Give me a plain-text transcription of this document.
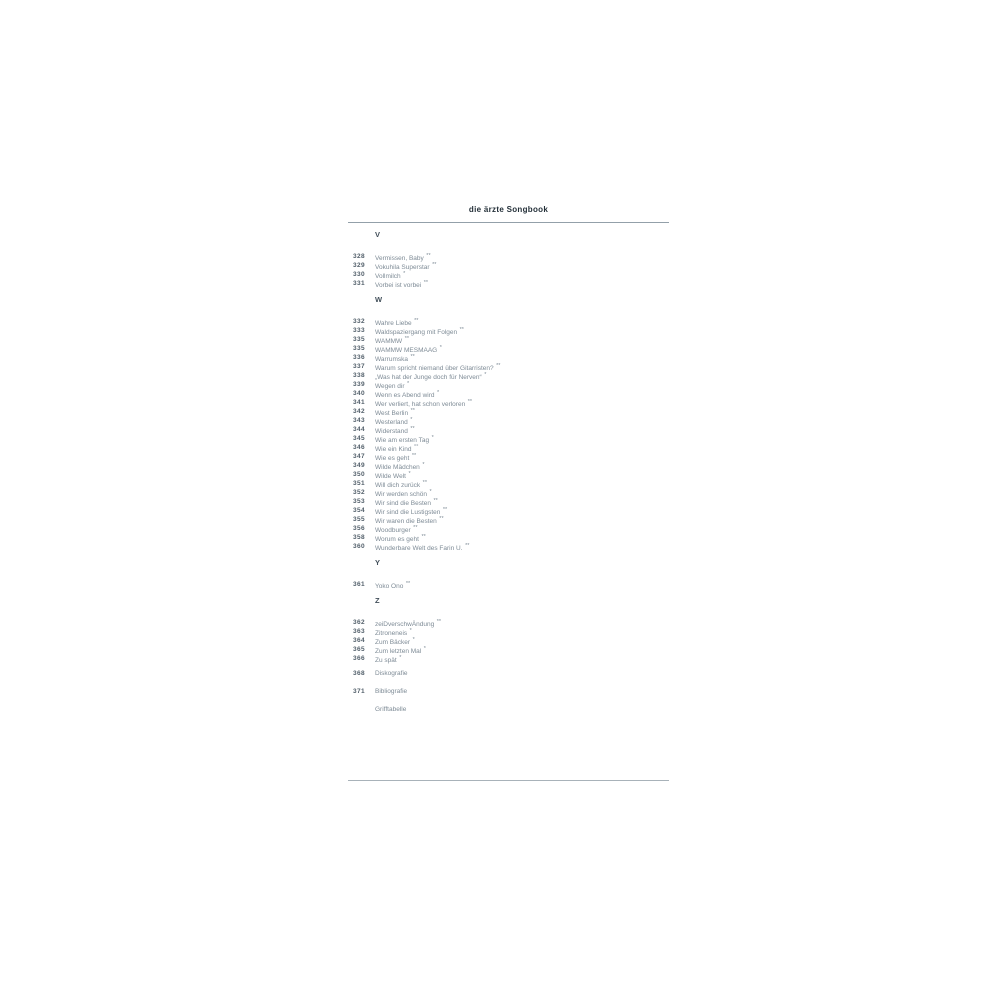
die ärzte Songbook
V
328 Vermissen, Baby **
329 Vokuhila Superstar **
330 Vollmilch *
331 Vorbei ist vorbei **
W
332 Wahre Liebe **
333 Waldspaziergang mit Folgen **
335 WAMMW **
335 WAMMW MESMAAG *
336 Warrumska **
337 Warum spricht niemand über Gitarristen? **
338 „Was hat der Junge doch für Nerven“ *
339 Wegen dir *
340 Wenn es Abend wird *
341 Wer verliert, hat schon verloren **
342 West Berlin **
343 Westerland *
344 Widerstand **
345 Wie am ersten Tag *
346 Wie ein Kind °°
347 Wie es geht **
349 Wilde Mädchen *
350 Wilde Welt *
351 Will dich zurück **
352 Wir werden schön *
353 Wir sind die Besten **
354 Wir sind die Lustigsten **
355 Wir waren die Besten **
356 Woodburger **
358 Worum es geht **
360 Wunderbare Welt des Farin U. **
Y
361 Yoko Ono **
Z
362 zeiDverschwÄndung **
363 Zitroneneis *
364 Zum Bäcker *
365 Zum letzten Mal *
366 Zu spät *
368 Diskografie
371 Bibliografie
Grifftabelle
